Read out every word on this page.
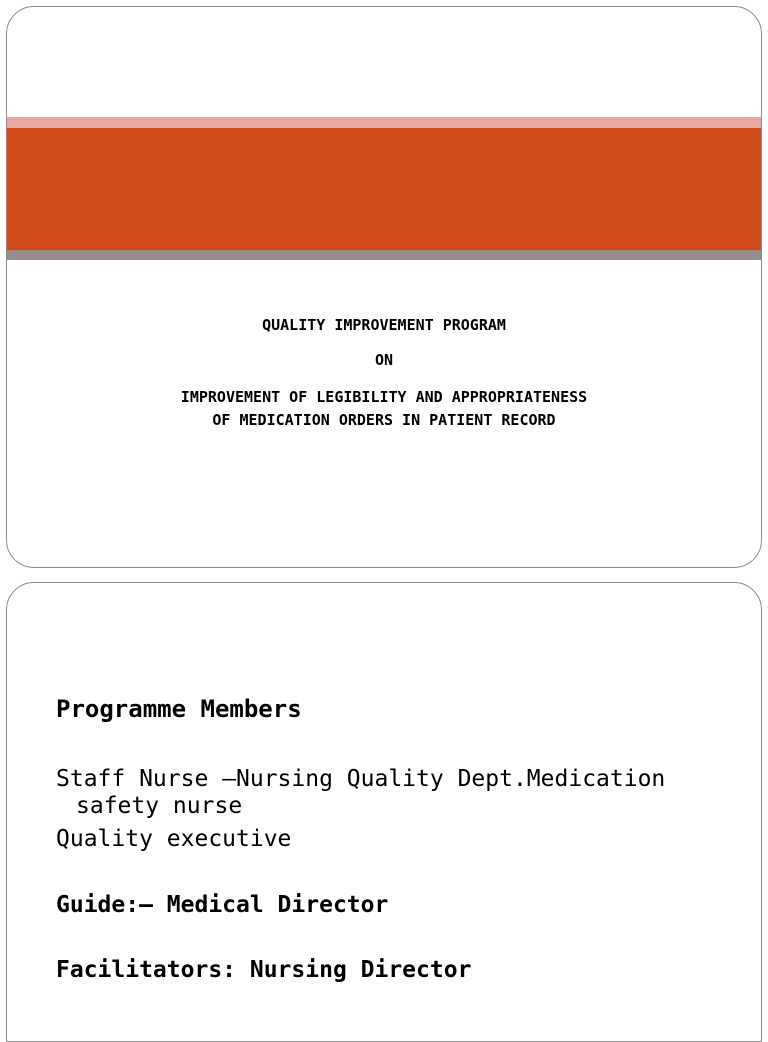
QUALITY IMPROVEMENT PROGRAM
ON
IMPROVEMENT OF LEGIBILITY AND APPROPRIATENESS
OF MEDICATION ORDERS IN PATIENT RECORD
Programme Members
Staff Nurse –Nursing Quality Dept.Medication safety nurse
Quality executive
Guide:– Medical Director
Facilitators: Nursing Director
